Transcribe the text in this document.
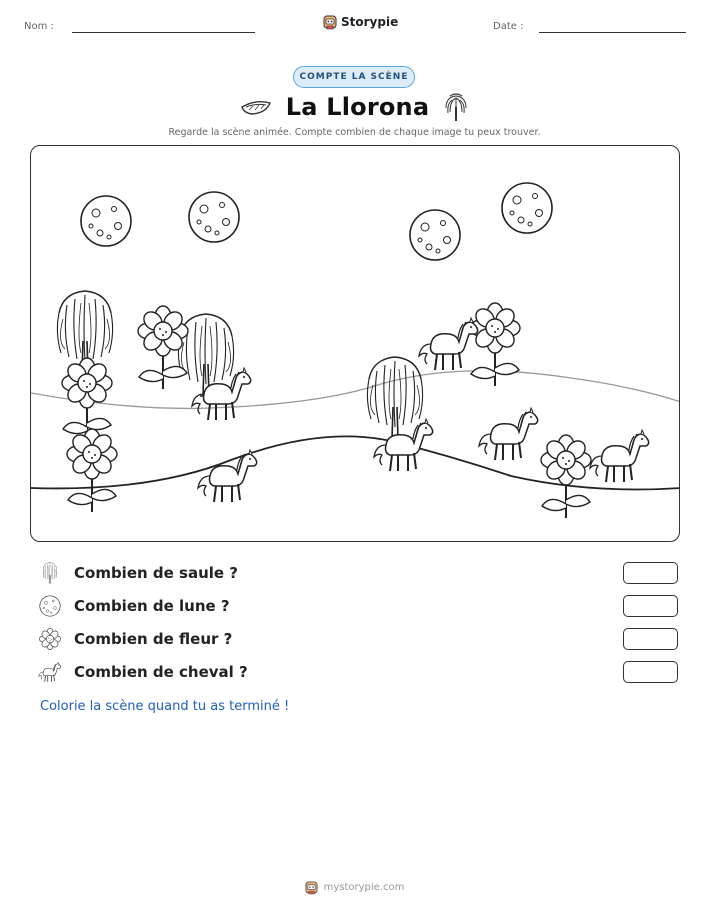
Nom :	Storypie	Date :
COMPTE LA SCÈNE
La Llorona
Regarde la scène animée. Compte combien de chaque image tu peux trouver.
Combien de saule ?
Combien de lune ?
Combien de fleur ?
Combien de cheval ?
Colorie la scène quand tu as terminé !
mystorypie.com
